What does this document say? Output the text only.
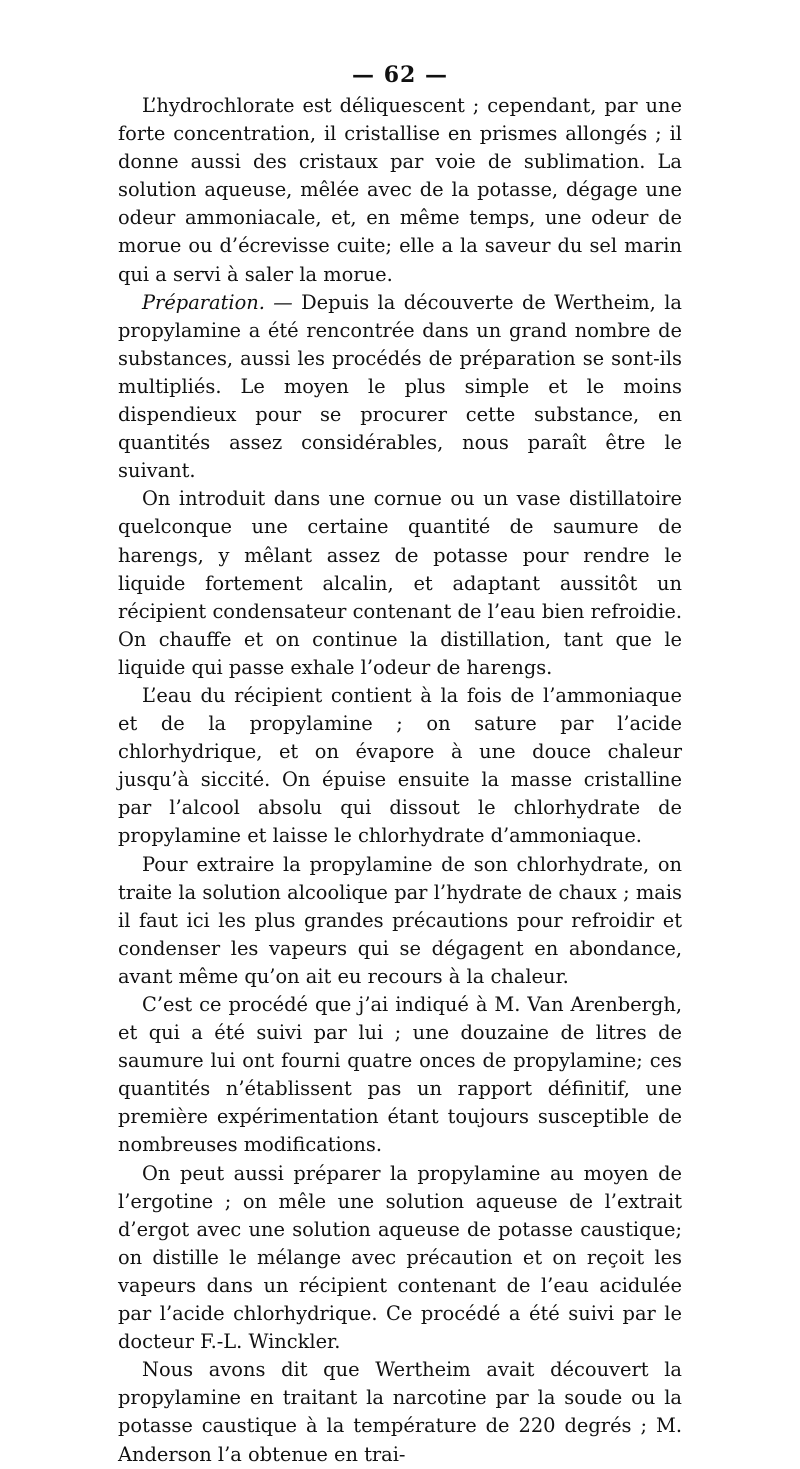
— 62 —

L’hydrochlorate est déliquescent ; cependant, par une forte concentration, il cristallise en prismes allongés ; il donne aussi des cristaux par voie de sublimation. La solution aqueuse, mêlée avec de la potasse, dégage une odeur ammoniacale, et, en même temps, une odeur de morue ou d’écrevisse cuite; elle a la saveur du sel marin qui a servi à saler la morue.

Préparation. — Depuis la découverte de Wertheim, la propylamine a été rencontrée dans un grand nombre de substances, aussi les procédés de préparation se sont-ils multipliés. Le moyen le plus simple et le moins dispendieux pour se procurer cette substance, en quantités assez considérables, nous paraît être le suivant.

On introduit dans une cornue ou un vase distillatoire quelconque une certaine quantité de saumure de harengs, y mêlant assez de potasse pour rendre le liquide fortement alcalin, et adaptant aussitôt un récipient condensateur contenant de l’eau bien refroidie. On chauffe et on continue la distillation, tant que le liquide qui passe exhale l’odeur de harengs.

L’eau du récipient contient à la fois de l’ammoniaque et de la propylamine ; on sature par l’acide chlorhydrique, et on évapore à une douce chaleur jusqu’à siccité. On épuise ensuite la masse cristalline par l’alcool absolu qui dissout le chlorhydrate de propylamine et laisse le chlorhydrate d’ammoniaque.

Pour extraire la propylamine de son chlorhydrate, on traite la solution alcoolique par l’hydrate de chaux ; mais il faut ici les plus grandes précautions pour refroidir et condenser les vapeurs qui se dégagent en abondance, avant même qu’on ait eu recours à la chaleur.

C’est ce procédé que j’ai indiqué à M. Van Arenbergh, et qui a été suivi par lui ; une douzaine de litres de saumure lui ont fourni quatre onces de propylamine; ces quantités n’établissent pas un rapport définitif, une première expérimentation étant toujours susceptible de nombreuses modifications.

On peut aussi préparer la propylamine au moyen de l’ergotine ; on mêle une solution aqueuse de l’extrait d’ergot avec une solution aqueuse de potasse caustique; on distille le mélange avec précaution et on reçoit les vapeurs dans un récipient contenant de l’eau acidulée par l’acide chlorhydrique. Ce procédé a été suivi par le docteur F.-L. Winckler.

Nous avons dit que Wertheim avait découvert la propylamine en traitant la narcotine par la soude ou la potasse caustique à la température de 220 degrés ; M. Anderson l’a obtenue en trai-
